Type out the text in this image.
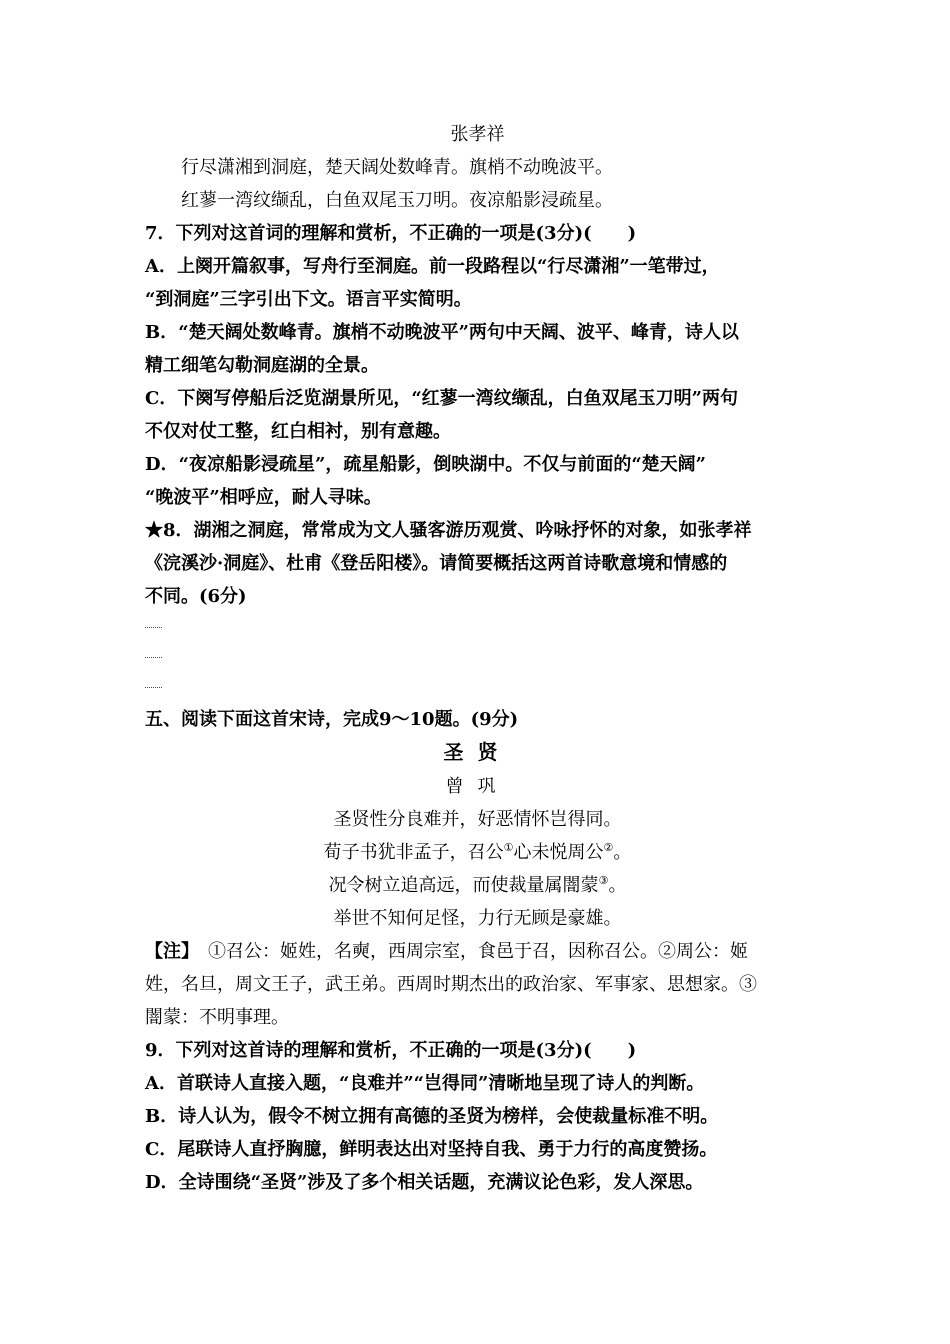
张孝祥
行尽潇湘到洞庭，楚天阔处数峰青。旗梢不动晚波平。
红蓼一湾纹缬乱，白鱼双尾玉刀明。夜凉船影浸疏星。
7．下列对这首词的理解和赏析，不正确的一项是(3分)(　　)
A．上阕开篇叙事，写舟行至洞庭。前一段路程以“行尽潇湘”一笔带过，
“到洞庭”三字引出下文。语言平实简明。
B．“楚天阔处数峰青。旗梢不动晚波平”两句中天阔、波平、峰青，诗人以
精工细笔勾勒洞庭湖的全景。
C．下阕写停船后泛览湖景所见，“红蓼一湾纹缬乱，白鱼双尾玉刀明”两句
不仅对仗工整，红白相衬，别有意趣。
D．“夜凉船影浸疏星”，疏星船影，倒映湖中。不仅与前面的“楚天阔”
“晚波平”相呼应，耐人寻味。
★8．湖湘之洞庭，常常成为文人骚客游历观赏、吟咏抒怀的对象，如张孝祥
《浣溪沙·洞庭》、杜甫《登岳阳楼》。请简要概括这两首诗歌意境和情感的
不同。(6分)
五、阅读下面这首宋诗，完成9～10题。(9分)
圣贤
曾巩
圣贤性分良难并，好恶情怀岂得同。
荀子书犹非孟子，召公①心未悦周公②。
况令树立追高远，而使裁量属闇蒙③。
举世不知何足怪，力行无顾是豪雄。
【注】　①召公：姬姓，名奭，西周宗室，食邑于召，因称召公。②周公：姬
姓，名旦，周文王子，武王弟。西周时期杰出的政治家、军事家、思想家。③
闇蒙：不明事理。
9．下列对这首诗的理解和赏析，不正确的一项是(3分)(　　)
A．首联诗人直接入题，“良难并”“岂得同”清晰地呈现了诗人的判断。
B．诗人认为，假令不树立拥有高德的圣贤为榜样，会使裁量标准不明。
C．尾联诗人直抒胸臆，鲜明表达出对坚持自我、勇于力行的高度赞扬。
D．全诗围绕“圣贤”涉及了多个相关话题，充满议论色彩，发人深思。
